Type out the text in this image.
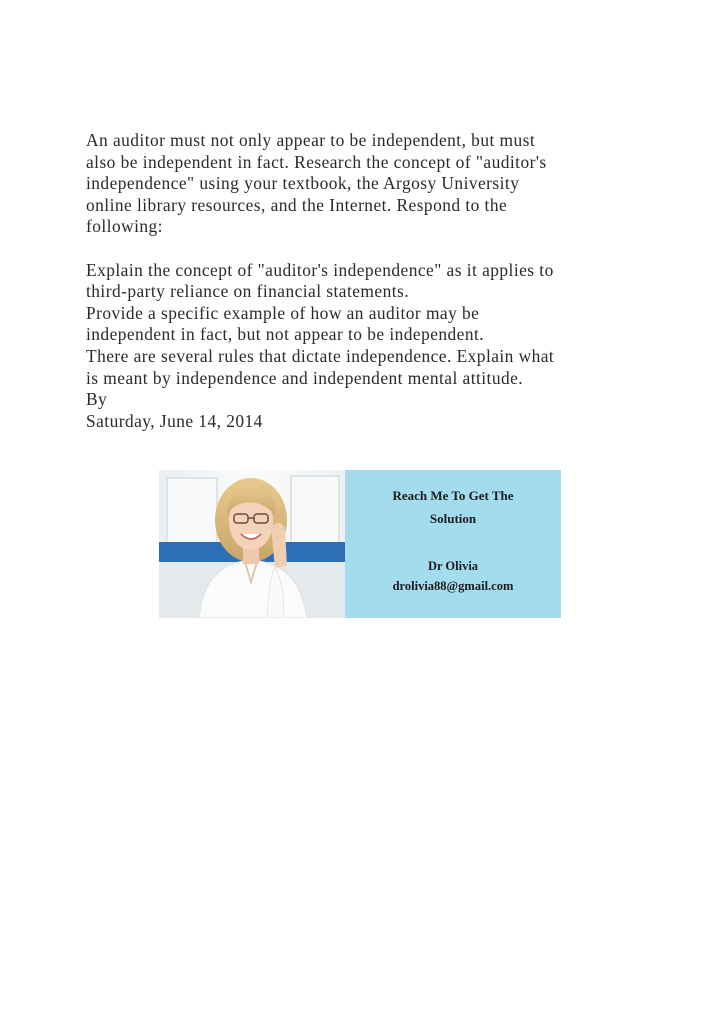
An auditor must not only appear to be independent, but must
also be independent in fact. Research the concept of "auditor's
independence" using your textbook, the Argosy University
online library resources, and the Internet. Respond to the
following:
Explain the concept of "auditor's independence" as it applies to
third-party reliance on financial statements.
Provide a specific example of how an auditor may be
independent in fact, but not appear to be independent.
There are several rules that dictate independence. Explain what
is meant by independence and independent mental attitude.
By
Saturday, June 14, 2014
Reach Me To Get The
Solution
Dr Olivia
drolivia88@gmail.com
